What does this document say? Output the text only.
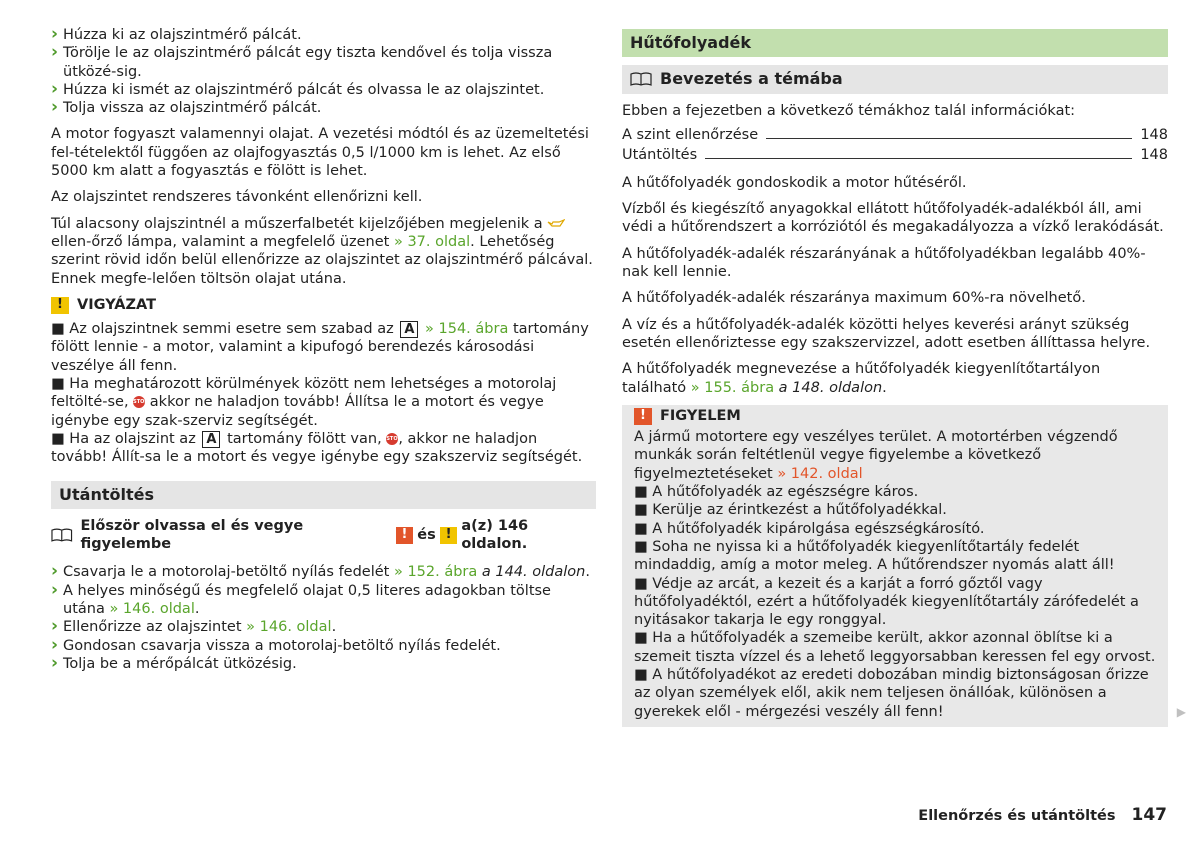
› Húzza ki az olajszintmérő pálcát.

› Törölje le az olajszintmérő pálcát egy tiszta kendővel és tolja vissza ütközé-sig.

› Húzza ki ismét az olajszintmérő pálcát és olvassa le az olajszintet.

› Tolja vissza az olajszintmérő pálcát.

A motor fogyaszt valamennyi olajat. A vezetési módtól és az üzemeltetési fel-tételektől függően az olajfogyasztás 0,5 l/1000 km is lehet. Az első 5000 km alatt a fogyasztás e fölött is lehet.

Az olajszintet rendszeres távonként ellenőrizni kell.

Túl alacsony olajszintnél a műszerfalbetét kijelzőjében megjelenik a  ellen-őrző lámpa, valamint a megfelelő üzenet » 37. oldal. Lehetőség szerint rövid időn belül ellenőrizze az olajszintet az olajszintmérő pálcával. Ennek megfe-lelően töltsön olajat utána.

! VIGYÁZAT
■ Az olajszintnek semmi esetre sem szabad az A » 154. ábra tartomány fölött lennie - a motor, valamint a kipufogó berendezés károsodási veszélye áll fenn.
■ Ha meghatározott körülmények között nem lehetséges a motorolaj feltölté-se, STOP akkor ne haladjon tovább! Állítsa le a motort és vegye igénybe egy szak-szerviz segítségét.
■ Ha az olajszint az A tartomány fölött van, STOP, akkor ne haladjon tovább! Állít-sa le a motort és vegye igénybe egy szakszerviz segítségét.
Utántöltés
Először olvassa el és vegye figyelembe
! és !
a(z) 146 oldalon.

› Csavarja le a motorolaj-betöltő nyílás fedelét » 152. ábra a 144. oldalon.

› A helyes minőségű és megfelelő olajat 0,5 literes adagokban töltse utána » 146. oldal.

› Ellenőrizze az olajszintet » 146. oldal.

› Gondosan csavarja vissza a motorolaj-betöltő nyílás fedelét.

› Tolja be a mérőpálcát ütközésig.

Hűtőfolyadék
Bevezetés a témába

Ebben a fejezetben a következő témákhoz talál információkat:

A szint ellenőrzése	148
Utántöltés	148

A hűtőfolyadék gondoskodik a motor hűtéséről.

Vízből és kiegészítő anyagokkal ellátott hűtőfolyadék-adalékból áll, ami védi a hűtőrendszert a korróziótól és megakadályozza a vízkő lerakódását.

A hűtőfolyadék-adalék részarányának a hűtőfolyadékban legalább 40%-nak kell lennie.

A hűtőfolyadék-adalék részaránya maximum 60%-ra növelhető.

A víz és a hűtőfolyadék-adalék közötti helyes keverési arányt szükség esetén ellenőriztesse egy szakszervizzel, adott esetben állíttassa helyre.

A hűtőfolyadék megnevezése a hűtőfolyadék kiegyenlítőtartályon található » 155. ábra a 148. oldalon.

! FIGYELEM
A jármű motortere egy veszélyes terület. A motortérben végzendő munkák során feltétlenül vegye figyelembe a következő figyelmeztetéseket » 142. oldal
■ A hűtőfolyadék az egészségre káros.
■ Kerülje az érintkezést a hűtőfolyadékkal.
■ A hűtőfolyadék kipárolgása egészségkárosító.
■ Soha ne nyissa ki a hűtőfolyadék kiegyenlítőtartály fedelét mindaddig, amíg a motor meleg. A hűtőrendszer nyomás alatt áll!
■ Védje az arcát, a kezeit és a karját a forró gőztől vagy hűtőfolyadéktól, ezért a hűtőfolyadék kiegyenlítőtartály zárófedelét a nyitásakor takarja le egy ronggyal.
■ Ha a hűtőfolyadék a szemeibe került, akkor azonnal öblítse ki a szemeit tiszta vízzel és a lehető leggyorsabban keressen fel egy orvost.
■ A hűtőfolyadékot az eredeti dobozában mindig biztonságosan őrizze az olyan személyek elől, akik nem teljesen önállóak, különösen a gyerekek elől - mérgezési veszély áll fenn!	▶
Ellenőrzés és utántöltés 147
